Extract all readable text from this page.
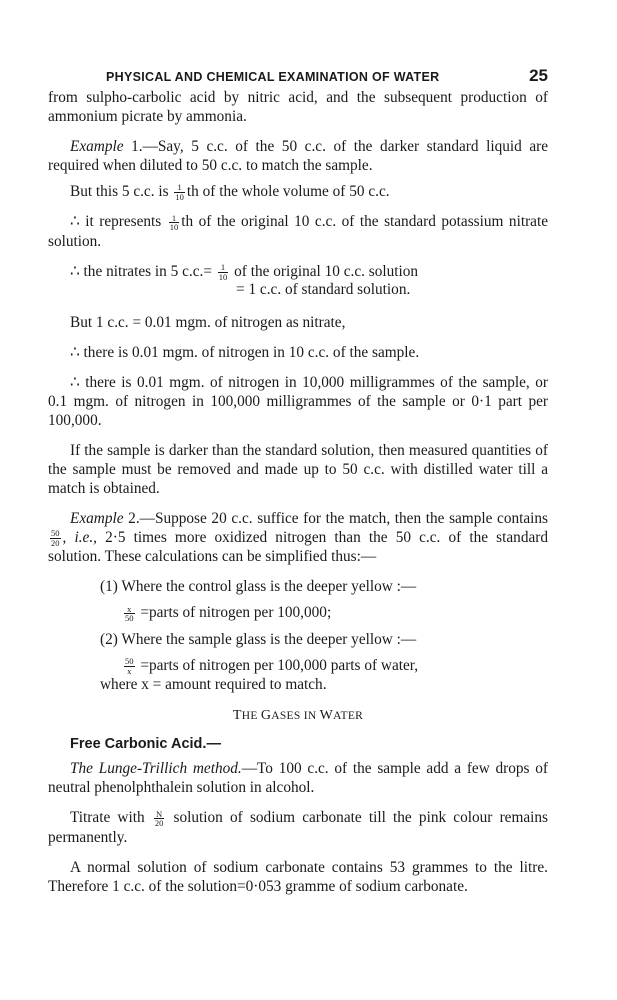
PHYSICAL AND CHEMICAL EXAMINATION OF WATER	25

from sulpho-carbolic acid by nitric acid, and the subsequent production of ammonium picrate by ammonia.

Example 1.—Say, 5 c.c. of the 50 c.c. of the darker standard liquid are required when diluted to 50 c.c. to match the sample.

But this 5 c.c. is $\frac{1}{10}$ th of the whole volume of 50 c.c.

∴ it represents $\frac{1}{10}$ th of the original 10 c.c. of the standard potassium nitrate solution.

∴ the nitrates in 5 $c.c.= \frac{1}{10}$ of the original 10 c.c. solution
= 1 c.c. of standard solution.

But 1 c.c. = 0.01 mgm. of nitrogen as nitrate,

∴ there is 0.01 mgm. of nitrogen in 10 c.c. of the sample.

∴ there is 0.01 mgm. of nitrogen in 10,000 milligrammes of the sample, or 0.1 mgm. of nitrogen in 100,000 milligrammes of the sample or 0·1 part per 100,000.

If the sample is darker than the standard solution, then measured quantities of the sample must be removed and made up to 50 c.c. with distilled water till a match is obtained.

Example 2.—Suppose 20 c.c. suffice for the match, then the sample contains
$\frac{50}{20}$ , i.e., 2·5 times more oxidized nitrogen than the 50 c.c. of the standard solution. These calculations can be simplified thus:—

(1) Where the control glass is the deeper yellow :—

$\frac{x}{50}$ =parts of nitrogen per 100,000;

(2) Where the sample glass is the deeper yellow :—

$\frac{50}{x}$ =parts of nitrogen per 100,000 parts of water,

where x = amount required to match.

THE GASES IN WATER
Free Carbonic Acid.—

The Lunge-Trillich method.—To 100 c.c. of the sample add a few drops of neutral phenolphthalein solution in alcohol.

Titrate with $\frac{N}{20}$ solution of sodium carbonate till the pink colour remains permanently.

A normal solution of sodium carbonate contains 53 grammes to the litre. Therefore 1 c.c. of the solution=0·053 gramme of sodium carbonate.
